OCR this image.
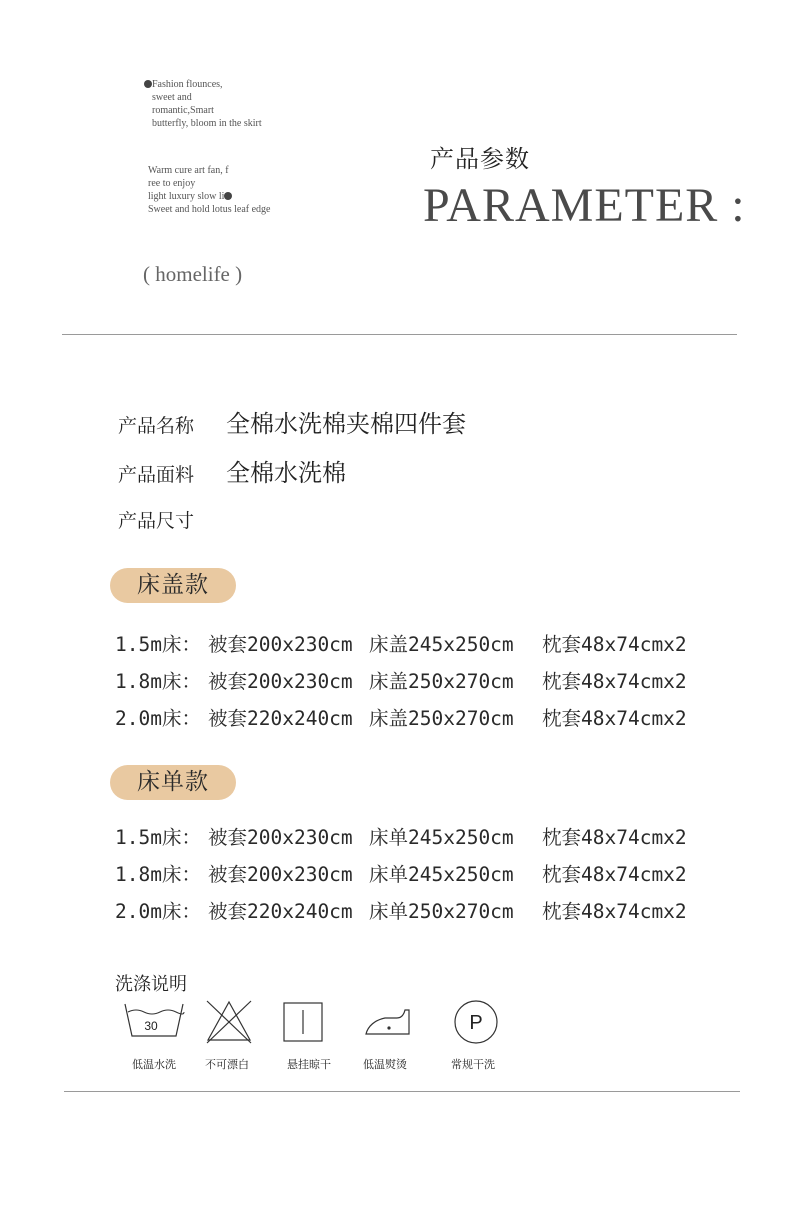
Fashion flounces,
sweet and
romantic,Smart
butterfly, bloom in the skirt
Warm cure art fan, f
ree to enjoy
light luxury slow li
Sweet and hold lotus leaf edge
产品参数
PARAMETER :
( homelife )
产品名称 全棉水洗棉夹棉四件套
产品面料 全棉水洗棉
产品尺寸
床盖款
1.5m床： 被套200x230cm 床盖245x250cm 枕套48x74cmx2
1.8m床： 被套200x230cm 床盖250x270cm 枕套48x74cmx2
2.0m床： 被套220x240cm 床盖250x270cm 枕套48x74cmx2
床单款
1.5m床： 被套200x230cm 床单245x250cm 枕套48x74cmx2
1.8m床： 被套200x230cm 床单245x250cm 枕套48x74cmx2
2.0m床： 被套220x240cm 床单250x270cm 枕套48x74cmx2
洗涤说明
30	P
低温水洗	不可漂白	悬挂晾干	低温熨烫	常规干洗
